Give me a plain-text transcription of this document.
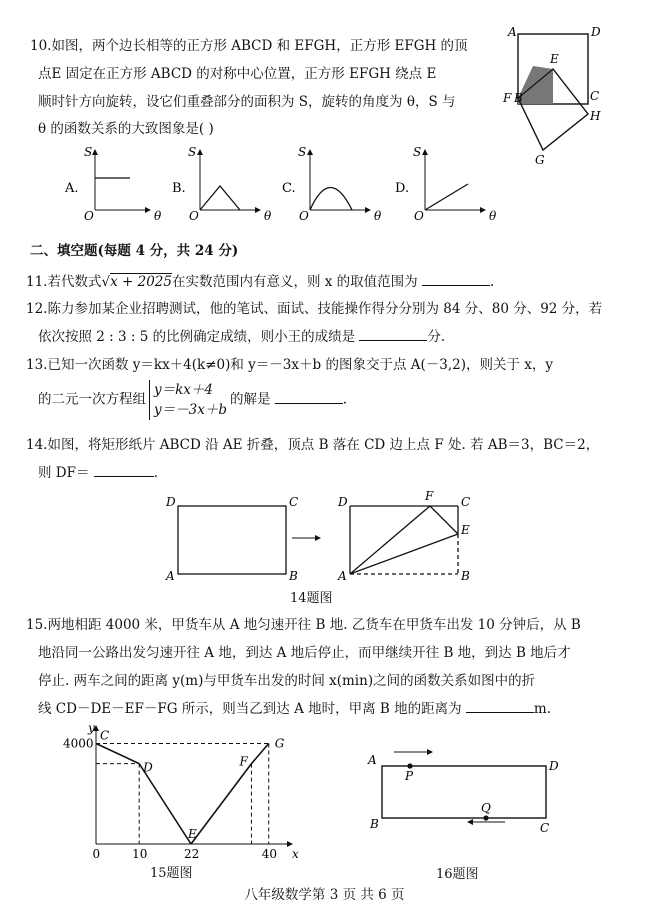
10.如图，两个边长相等的正方形 ABCD 和 EFGH，正方形 EFGH 的顶
点E 固定在正方形 ABCD 的对称中心位置，正方形 EFGH 绕点 E
顺时针方向旋转，设它们重叠部分的面积为 S，旋转的角度为 θ，S 与
θ 的函数关系的大致图象是( )
A	D
E
B	C
F
H
G
A.
S
O	θ
B.
S
O	θ
C.
S
O	θ
D.
S
O	θ
二、填空题(每题 4 分，共 24 分)
11.若代数式√x + 2025在实数范围内有意义，则 x 的取值范围为	.
12.陈力参加某企业招聘测试，他的笔试、面试、技能操作得分分别为 84 分、80 分、92 分，若
依次按照 2 : 3 : 5 的比例确定成绩，则小王的成绩是	分.
13.已知一次函数 y＝kx＋4(k≠0)和 y＝－3x＋b 的图象交于点 A(－3,2)，则关于 x，y
的二元一次方程组
y＝kx＋4
y＝－3x＋b
的解是	.
14.如图，将矩形纸片 ABCD 沿 AE 折叠，顶点 B 落在 CD 边上点 F 处. 若 AB＝3，BC＝2，
则 DF＝	.
D	C
A	B
D	F C
E
A	B
14题图
15.两地相距 4000 米，甲货车从 A 地匀速开往 B 地. 乙货车在甲货车出发 10 分钟后，从 B
地沿同一公路出发匀速开往 A 地，到达 A 地后停止，而甲继续开往 B 地，到达 B 地后才
停止. 两车之间的距离 y(m)与甲货车出发的时间 x(min)之间的函数关系如图中的折
线 CD－DE－EF－FG 所示，则当乙到达 A 地时，甲离 B 地的距离为	m.
x
y
C
D
E
F
G
0	10	22	40
4000
15题图
A
P
D
Q
B	C
16题图
八年级数学第 3 页 共 6 页
